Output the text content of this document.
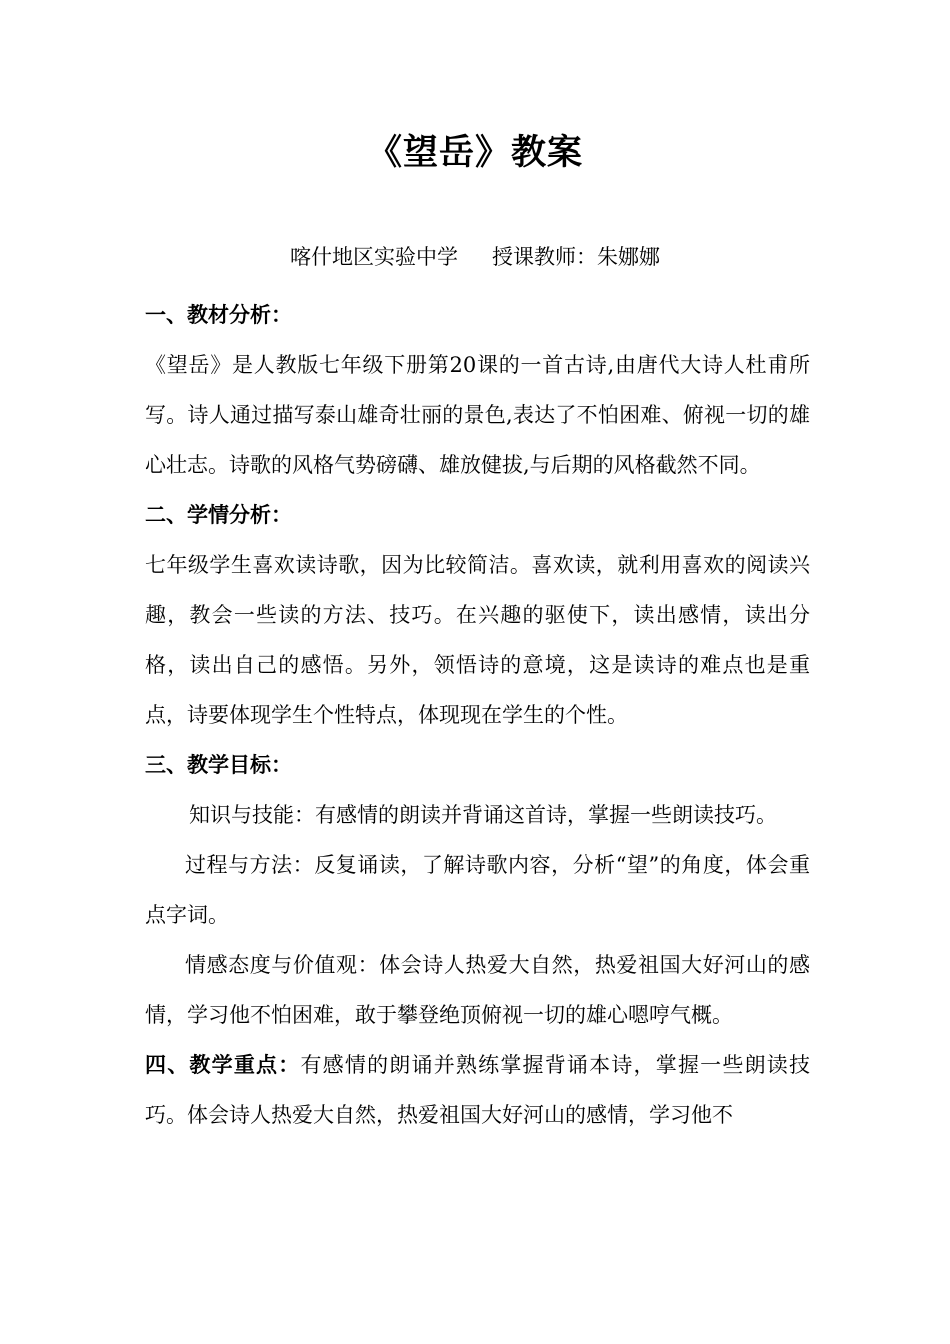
《望岳》教案
喀什地区实验中学 授课教师：朱娜娜

一、教材分析：

《望岳》是人教版七年级下册第20课的一首古诗,由唐代大诗人杜甫所写。诗人通过描写泰山雄奇壮丽的景色,表达了不怕困难、俯视一切的雄心壮志。诗歌的风格气势磅礴、雄放健拔,与后期的风格截然不同。

二、学情分析：

七年级学生喜欢读诗歌，因为比较简洁。喜欢读，就利用喜欢的阅读兴趣，教会一些读的方法、技巧。在兴趣的驱使下，读出感情，读出分格，读出自己的感悟。另外，领悟诗的意境，这是读诗的难点也是重点，诗要体现学生个性特点，体现现在学生的个性。

三、教学目标：

知识与技能：有感情的朗读并背诵这首诗，掌握一些朗读技巧。

过程与方法：反复诵读，了解诗歌内容，分析“望”的角度，体会重点字词。

情感态度与价值观：体会诗人热爱大自然，热爱祖国大好河山的感情，学习他不怕困难，敢于攀登绝顶俯视一切的雄心嗯哼气概。

四、教学重点：有感情的朗诵并熟练掌握背诵本诗，掌握一些朗读技巧。体会诗人热爱大自然，热爱祖国大好河山的感情，学习他不
